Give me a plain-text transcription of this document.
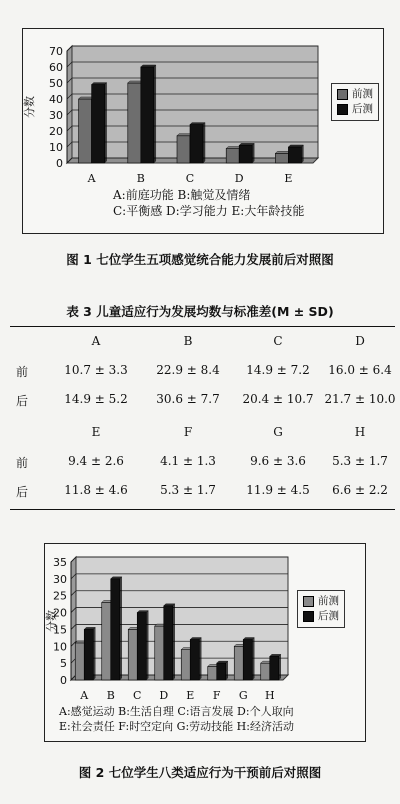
0
10
20
30
40
50
60
70
分数
A	B	C	D	E
前测
后测
A:前庭功能 B:触觉及情绪
C:平衡感 D:学习能力 E:大年龄技能
图 1 七位学生五项感觉统合能力发展前后对照图
表 3 儿童适应行为发展均数与标准差(M ± SD)
A	B	C	D
前	10.7 ± 3.3	22.9 ± 8.4	14.9 ± 7.2	16.0 ± 6.4
后	14.9 ± 5.2	30.6 ± 7.7	20.4 ± 10.7 21.7 ± 10.0
E	F	G	H
前	9.4 ± 2.6	4.1 ± 1.3	9.6 ± 3.6	5.3 ± 1.7
后	11.8 ± 4.6	5.3 ± 1.7	11.9 ± 4.5	6.6 ± 2.2
0
5
10
15
20
25
30
35
分数
A B C D E F G H
前测
后测
A:感觉运动 B:生活自理 C:语言发展 D:个人取向
E:社会责任 F:时空定向 G:劳动技能 H:经济活动
图 2 七位学生八类适应行为干预前后对照图
